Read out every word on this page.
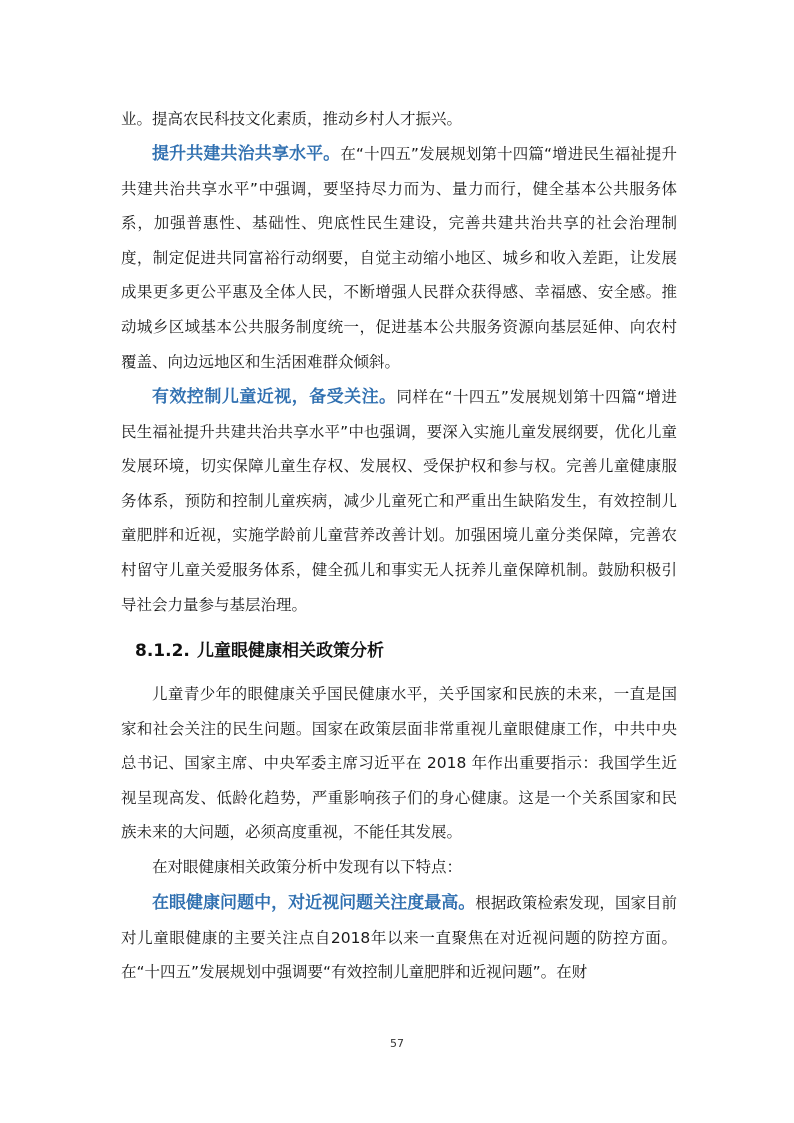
业。提高农民科技文化素质，推动乡村人才振兴。

提升共建共治共享水平。在“十四五”发展规划第十四篇“增进民生福祉提升共建共治共享水平”中强调，要坚持尽力而为、量力而行，健全基本公共服务体系，加强普惠性、基础性、兜底性民生建设，完善共建共治共享的社会治理制度，制定促进共同富裕行动纲要，自觉主动缩小地区、城乡和收入差距，让发展成果更多更公平惠及全体人民，不断增强人民群众获得感、幸福感、安全感。推动城乡区域基本公共服务制度统一，促进基本公共服务资源向基层延伸、向农村覆盖、向边远地区和生活困难群众倾斜。

有效控制儿童近视，备受关注。同样在“十四五”发展规划第十四篇“增进民生福祉提升共建共治共享水平”中也强调，要深入实施儿童发展纲要，优化儿童发展环境，切实保障儿童生存权、发展权、受保护权和参与权。完善儿童健康服务体系，预防和控制儿童疾病，减少儿童死亡和严重出生缺陷发生，有效控制儿童肥胖和近视，实施学龄前儿童营养改善计划。加强困境儿童分类保障，完善农村留守儿童关爱服务体系，健全孤儿和事实无人抚养儿童保障机制。鼓励积极引导社会力量参与基层治理。

8.1.2. 儿童眼健康相关政策分析

儿童青少年的眼健康关乎国民健康水平，关乎国家和民族的未来，一直是国家和社会关注的民生问题。国家在政策层面非常重视儿童眼健康工作，中共中央总书记、国家主席、中央军委主席习近平在 2018 年作出重要指示：我国学生近视呈现高发、低龄化趋势，严重影响孩子们的身心健康。这是一个关系国家和民族未来的大问题，必须高度重视，不能任其发展。

在对眼健康相关政策分析中发现有以下特点：

在眼健康问题中，对近视问题关注度最高。根据政策检索发现，国家目前对儿童眼健康的主要关注点自2018年以来一直聚焦在对近视问题的防控方面。在“十四五”发展规划中强调要“有效控制儿童肥胖和近视问题”。在财

57
